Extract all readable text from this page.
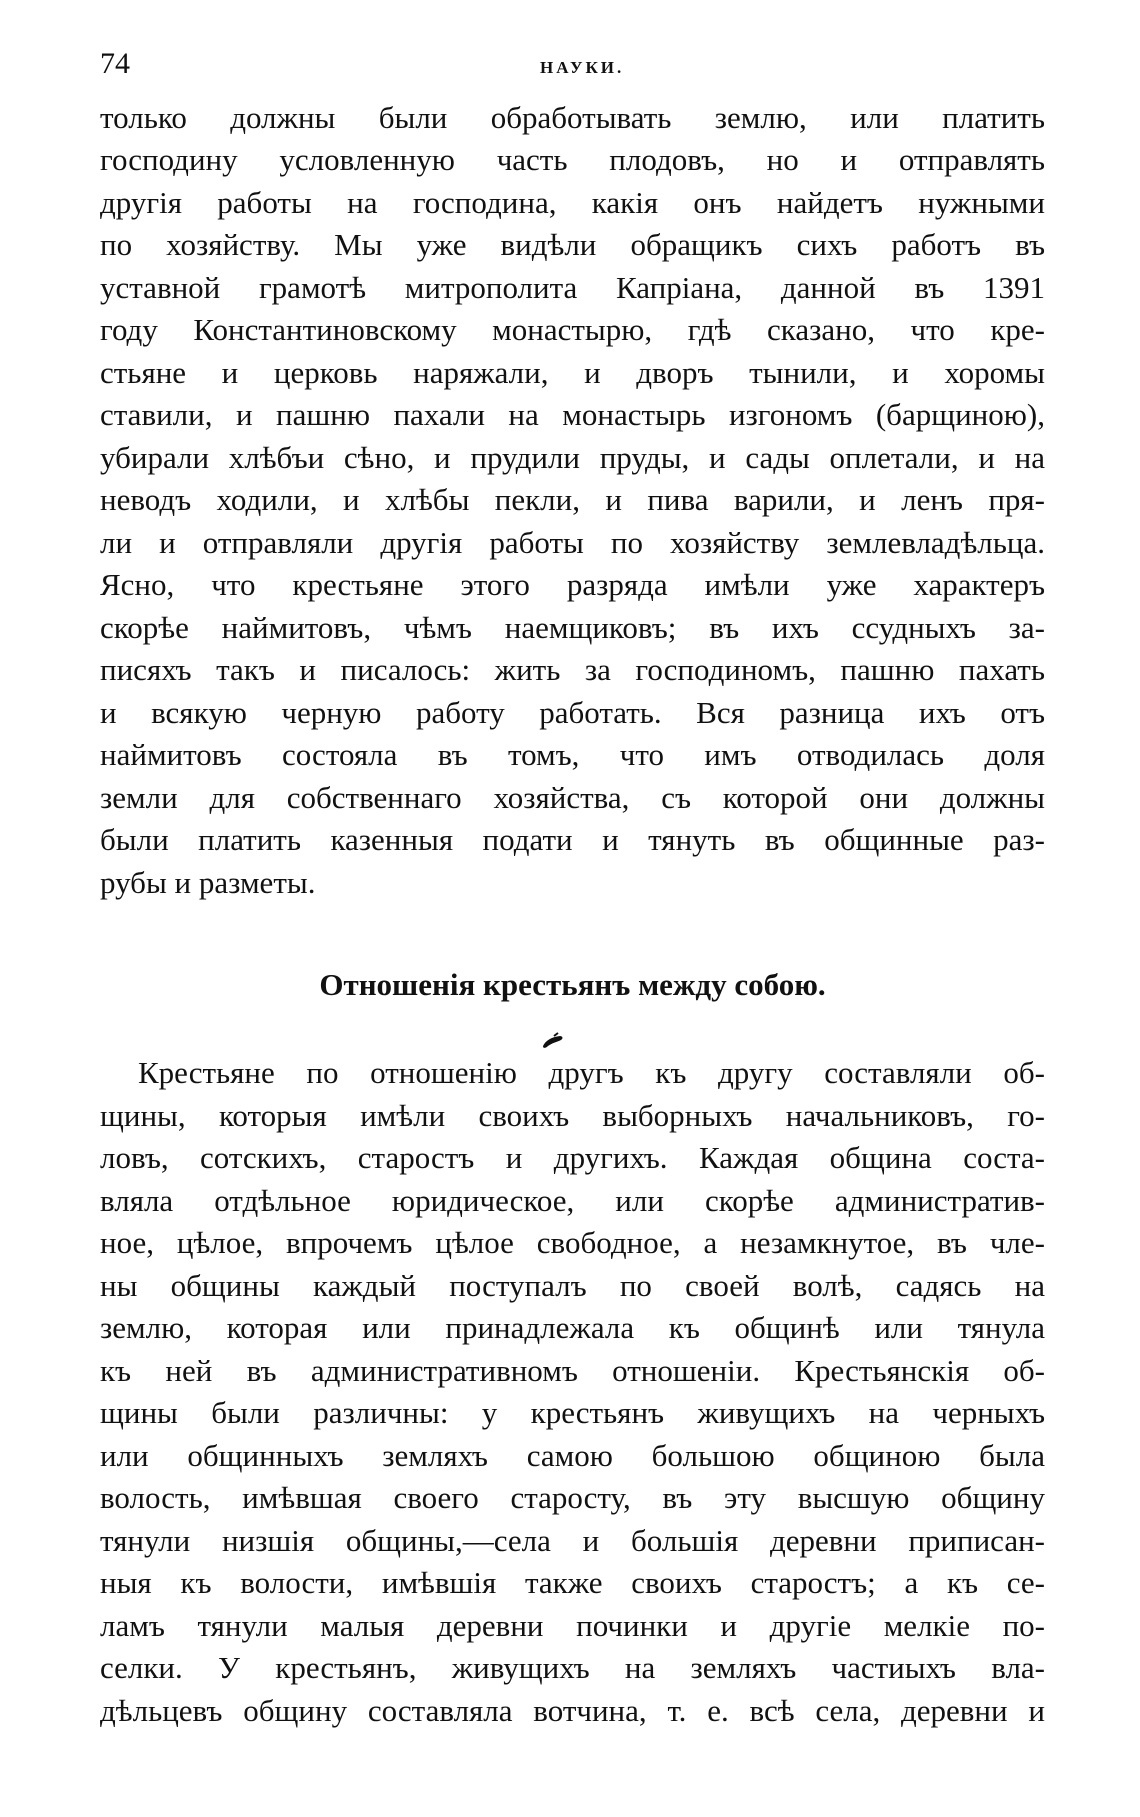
74	НАУКИ.
только должны были обработывать землю, или платить
господину условленную часть плодовъ, но и отправлять
другія работы на господина, какія онъ найдетъ нужными
по хозяйству. Мы уже видѣли обращикъ сихъ работъ въ
уставной грамотѣ митрополита Капріана, данной въ 1391
году Константиновскому монастырю, гдѣ сказано, что кре-
стьяне и церковь наряжали, и дворъ тынили, и хоромы
ставили, и пашню пахали на монастырь изгономъ (барщиною),
убирали хлѣбъи сѣно, и прудили пруды, и сады оплетали, и на
неводъ ходили, и хлѣбы пекли, и пива варили, и ленъ пря-
ли и отправляли другія работы по хозяйству землевладѣльца.
Ясно, что крестьяне этого разряда имѣли уже характеръ
скорѣе наймитовъ, чѣмъ наемщиковъ; въ ихъ ссудныхъ за-
писяхъ такъ и писалось: жить за господиномъ, пашню пахать
и всякую черную работу работать. Вся разница ихъ отъ
наймитовъ состояла въ томъ, что имъ отводилась доля
земли для собственнаго хозяйства, съ которой они должны
были платить казенныя подати и тянуть въ общинные раз-
рубы и разметы.
Отношенія крестьянъ между собою.
Крестьяне по отношенію другъ къ другу составляли об-
щины, которыя имѣли своихъ выборныхъ начальниковъ, го-
ловъ, сотскихъ, старостъ и другихъ. Каждая община соста-
вляла отдѣльное юридическое, или скорѣе административ-
ное, цѣлое, впрочемъ цѣлое свободное, а незамкнутое, въ чле-
ны общины каждый поступалъ по своей волѣ, садясь на
землю, которая или принадлежала къ общинѣ или тянула
къ ней въ административномъ отношеніи. Крестьянскія об-
щины были различны: у крестьянъ живущихъ на черныхъ
или общинныхъ земляхъ самою большою общиною была
волость, имѣвшая своего старосту, въ эту высшую общину
тянули низшія общины,—села и большія деревни приписан-
ныя къ волости, имѣвшія также своихъ старостъ; а къ се-
ламъ тянули малыя деревни починки и другіе мелкіе по-
селки. У крестьянъ, живущихъ на земляхъ частиыхъ вла-
дѣльцевъ общину составляла вотчина, т. е. всѣ села, деревни и
